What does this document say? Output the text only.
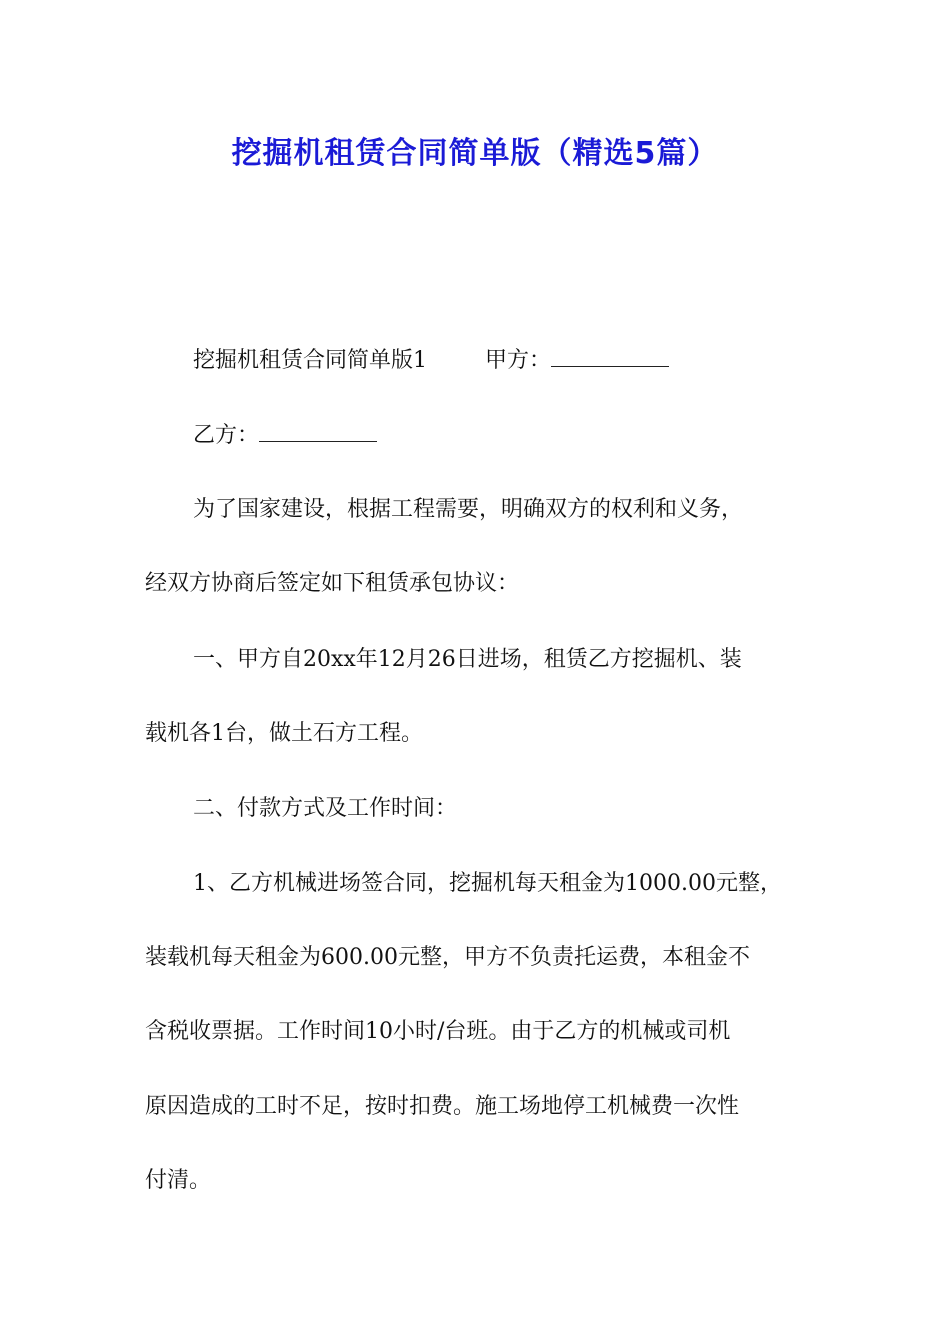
挖掘机租赁合同简单版（精选5篇）
挖掘机租赁合同简单版1	甲方：
乙方：
为了国家建设，根据工程需要，明确双方的权利和义务，
经双方协商后签定如下租赁承包协议：
一、甲方自20xx年12月26日进场，租赁乙方挖掘机、装
载机各1台，做土石方工程。
二、付款方式及工作时间：
1、乙方机械进场签合同，挖掘机每天租金为1000.00元整，
装载机每天租金为600.00元整，甲方不负责托运费，本租金不
含税收票据。工作时间10小时/台班。由于乙方的机械或司机
原因造成的工时不足，按时扣费。施工场地停工机械费一次性
付清。
